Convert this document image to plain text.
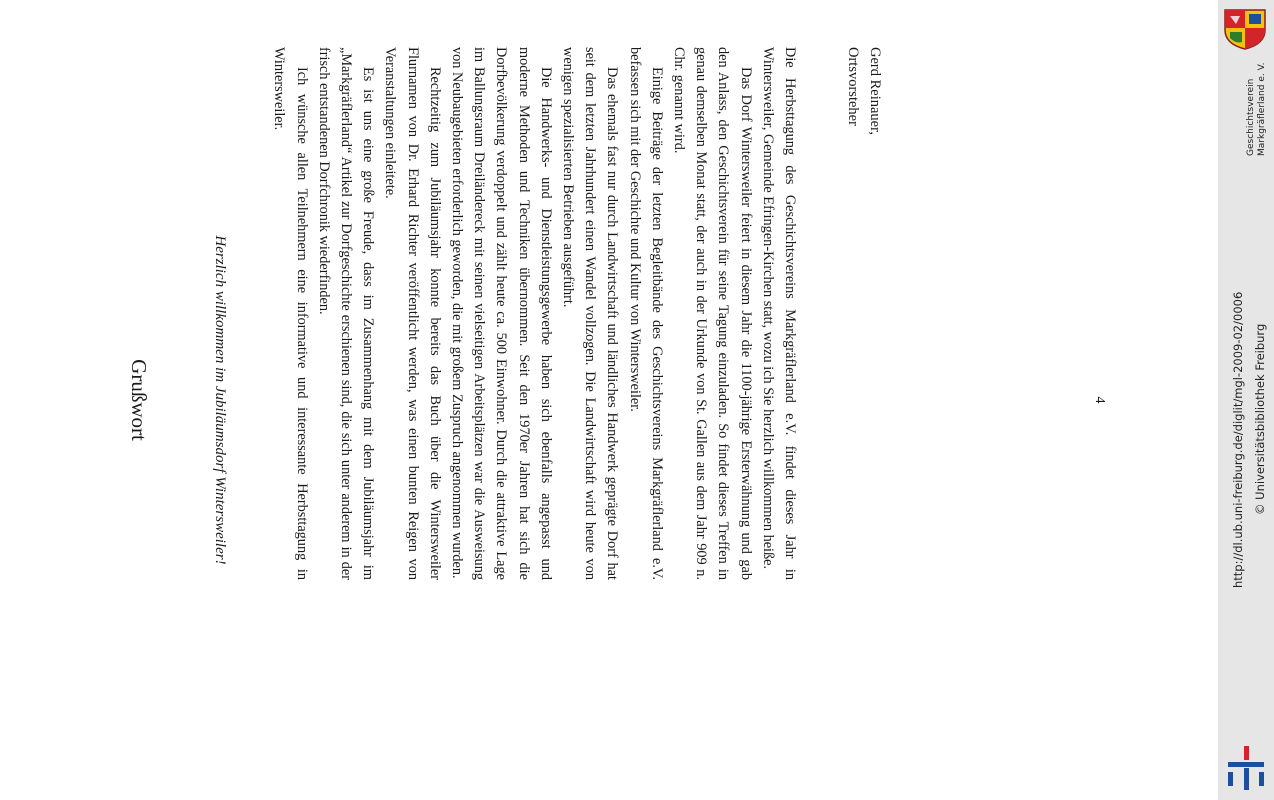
Grußwort	Herzlich willkommen im Jubiläumsdorf Wintersweiler!	Die Herbsttagung des Geschichtsvereins Markgräflerland e.V. findet dieses Jahr in Wintersweiler, Gemeinde Efringen-Kirchen statt, wozu ich Sie herzlich willkommen heiße.

Das Dorf Wintersweiler feiert in diesem Jahr die 1100-jährige Ersterwähnung und gab den Anlass, den Geschichtsverein für seine Tagung einzuladen. So findet dieses Treffen in genau demselben Monat statt, der auch in der Urkunde von St. Gallen aus dem Jahr 909 n. Chr. genannt wird.

Einige Beiträge der letzten Begleitbände des Geschichtsvereins Markgräflerland e.V. befassen sich mit der Geschichte und Kultur von Wintersweiler.

Das ehemals fast nur durch Landwirtschaft und ländliches Handwerk geprägte Dorf hat seit dem letzten Jahrhundert einen Wandel vollzogen. Die Landwirtschaft wird heute von wenigen spezialisierten Betrieben ausgeführt.

Die Handwerks- und Dienstleistungsgewerbe haben sich ebenfalls angepasst und moderne Methoden und Techniken übernommen. Seit den 1970er Jahren hat sich die Dorfbevölkerung verdoppelt und zählt heute ca. 500 Einwohner. Durch die attraktive Lage im Ballungsraum Dreiländereck mit seinen vielseitigen Arbeitsplätzen war die Ausweisung von Neubaugebieten erforderlich geworden, die mit großem Zuspruch angenommen wurden.

Rechtzeitig zum Jubiläumsjahr konnte bereits das Buch über die Wintersweiler Flurnamen von Dr. Erhard Richter veröffentlicht werden, was einen bunten Reigen von Veranstaltungen einleitete.

Es ist uns eine große Freude, dass im Zusammenhang mit dem Jubiläumsjahr im „Markgräflerland“ Artikel zur Dorfgeschichte erschienen sind, die sich unter anderem in der frisch entstandenen Dorfchronik wiederfinden.

Ich wünsche allen Teilnehmern eine informative und interessante Herbsttagung in Wintersweiler.	Gerd Reinauer,
Ortsvorsteher
4
Geschichtsverein Markgräflerland e. V.
http://dl.ub.uni-freiburg.de/diglit/mgl-2009-02/0006 © Universitätsbibliothek Freiburg
